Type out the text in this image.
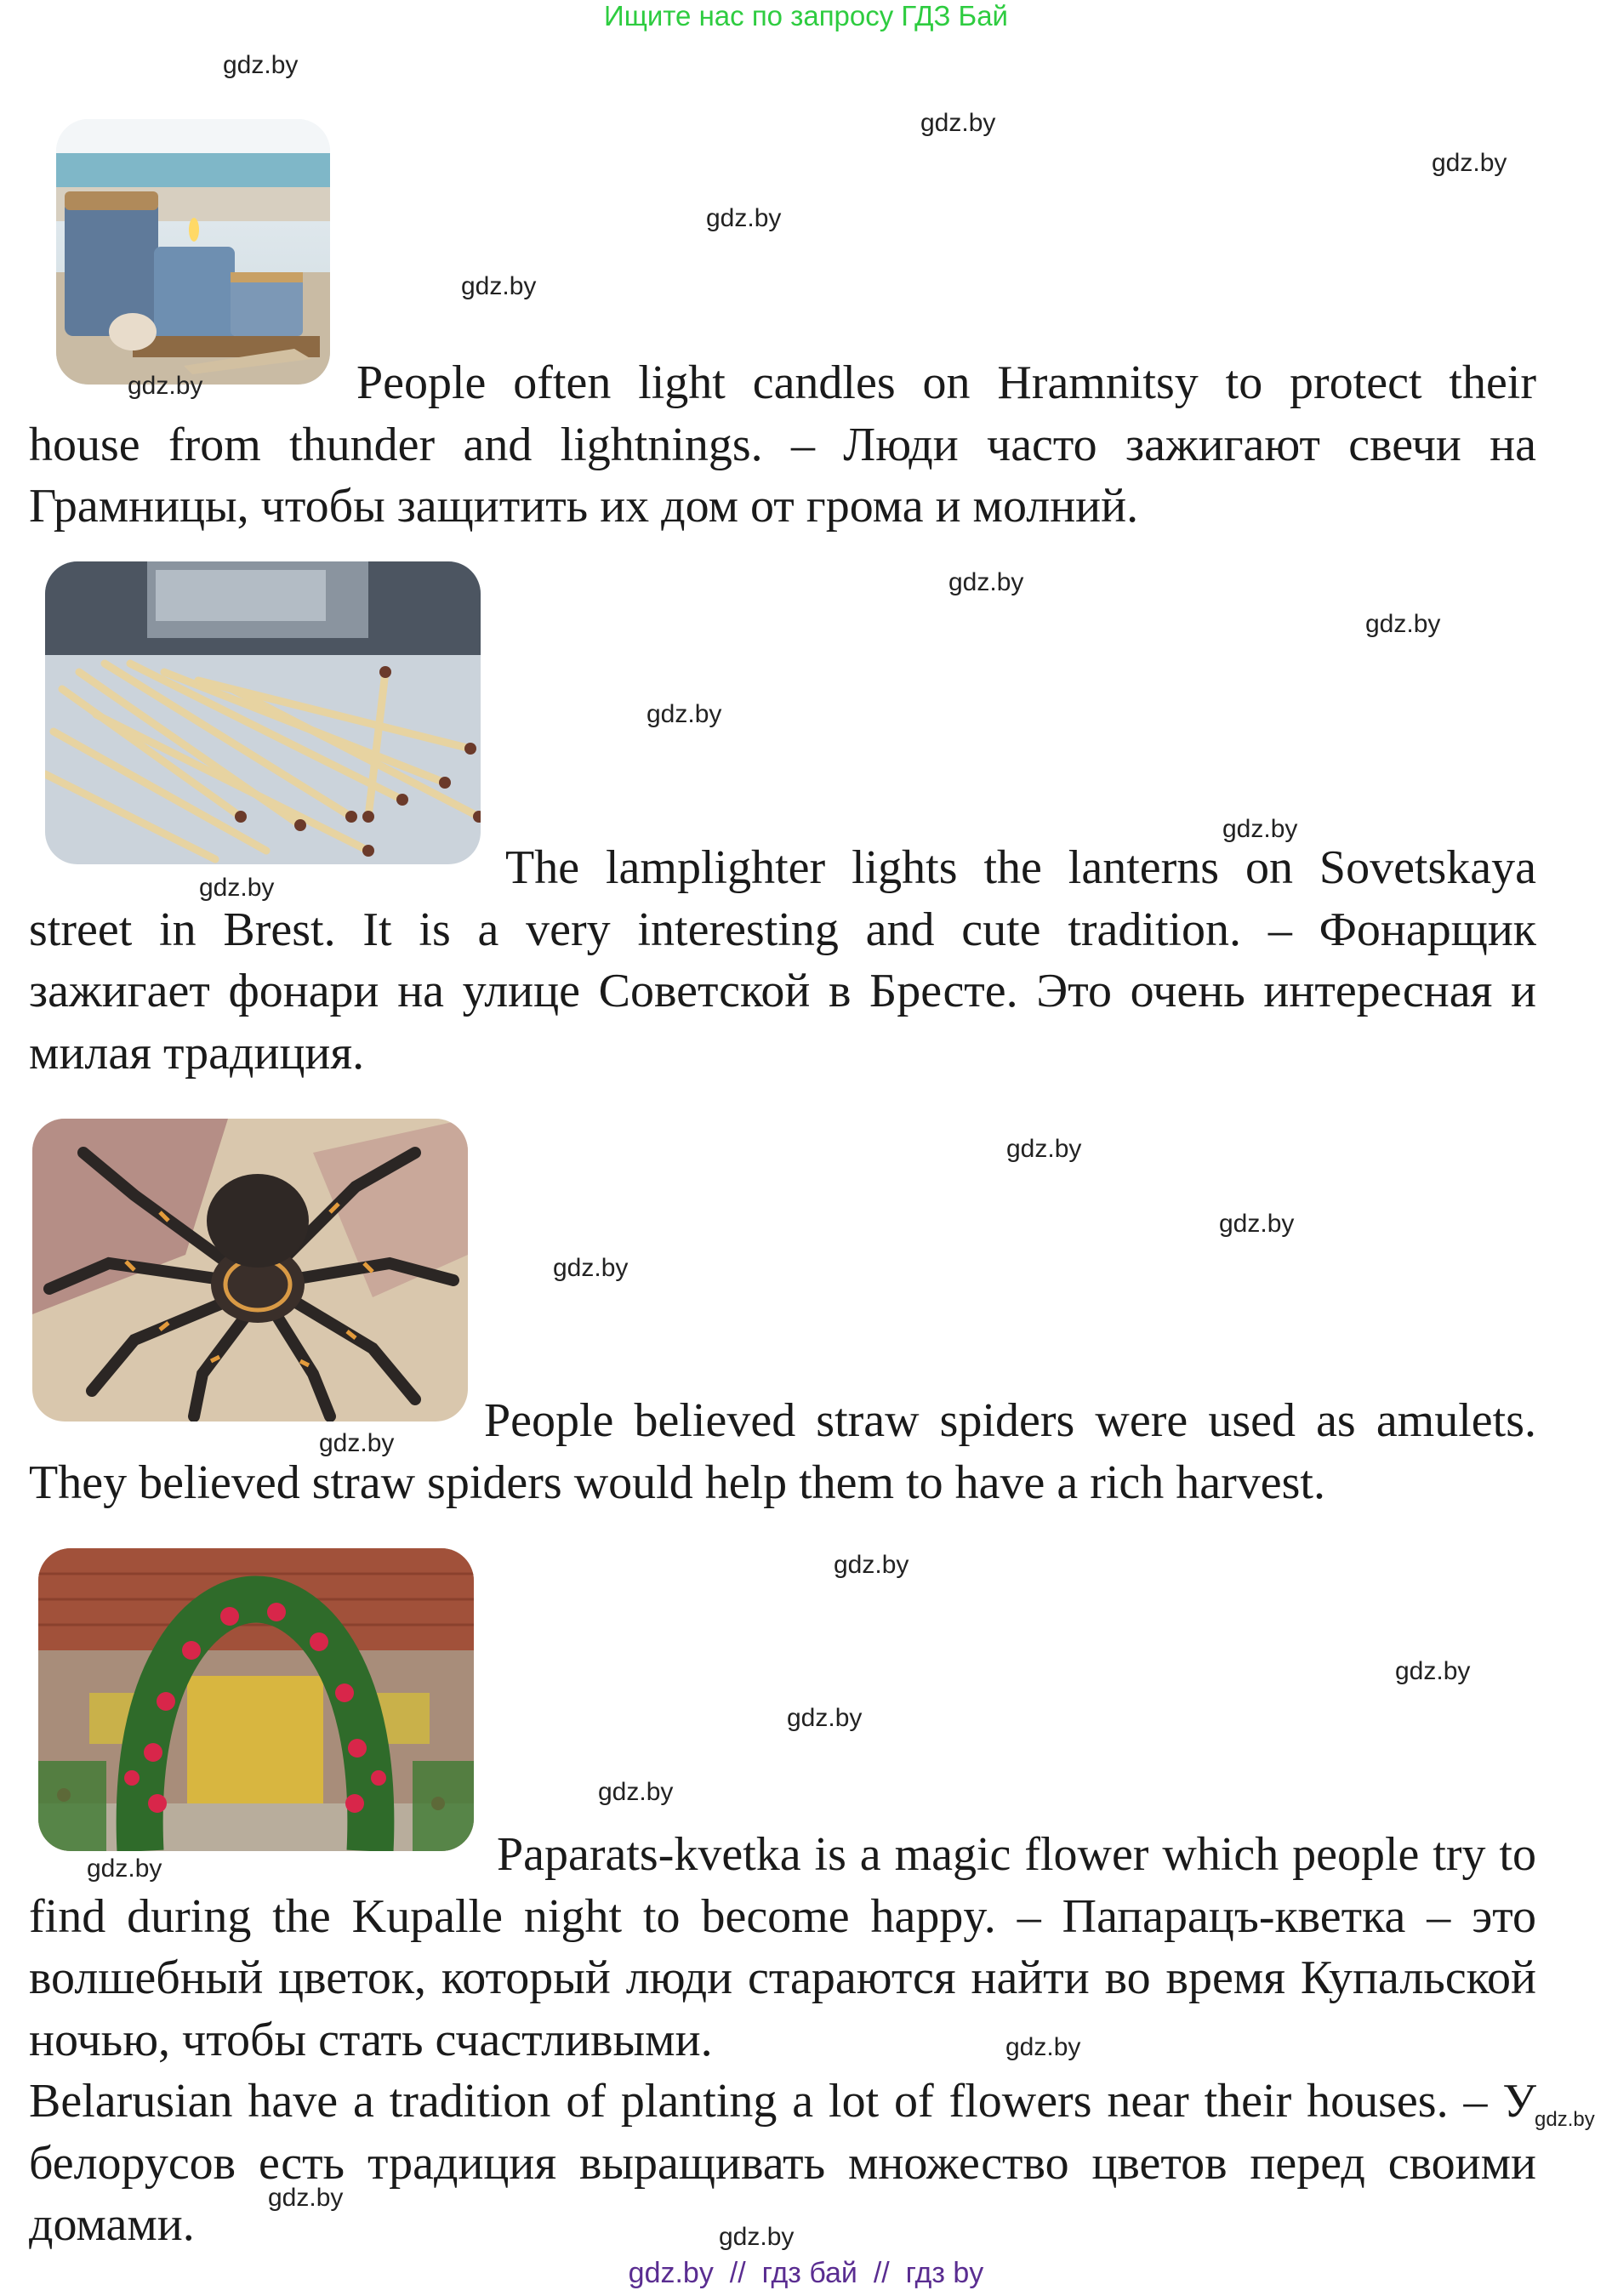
Ищите нас по запросу ГДЗ Бай

People often light candles on Hramnitsy to protect their house from thunder and lightnings. – Люди часто зажигают свечи на Грамницы, чтобы защитить их дом от грома и молний.

The lamplighter lights the lanterns on Sovetskaya street in Brest. It is a very interesting and cute tradition. – Фонарщик зажигает фонари на улице Советской в Бресте. Это очень интересная и милая традиция.

People believed straw spiders were used as amulets. They believed straw spiders would help them to have a rich harvest.

Paparats-kvetka is a magic flower which people try to find during the Kupalle night to become happy. – Папарацъ-кветка – это волшебный цветок, который люди стараются найти во время Купальской ночью, чтобы стать счастливыми.

Belarusian have a tradition of planting a lot of flowers near their houses. – У белорусов есть традиция выращивать множество цветов перед своими домами.

gdz.by
gdz.by
gdz.by
gdz.by
gdz.by
gdz.by
gdz.by
gdz.by
gdz.by
gdz.by
gdz.by
gdz.by
gdz.by
gdz.by
gdz.by
gdz.by
gdz.by
gdz.by
gdz.by
gdz.by
gdz.by
gdz.by
gdz.by
gdz.by
gdz.by // гдз бай // гдз by
